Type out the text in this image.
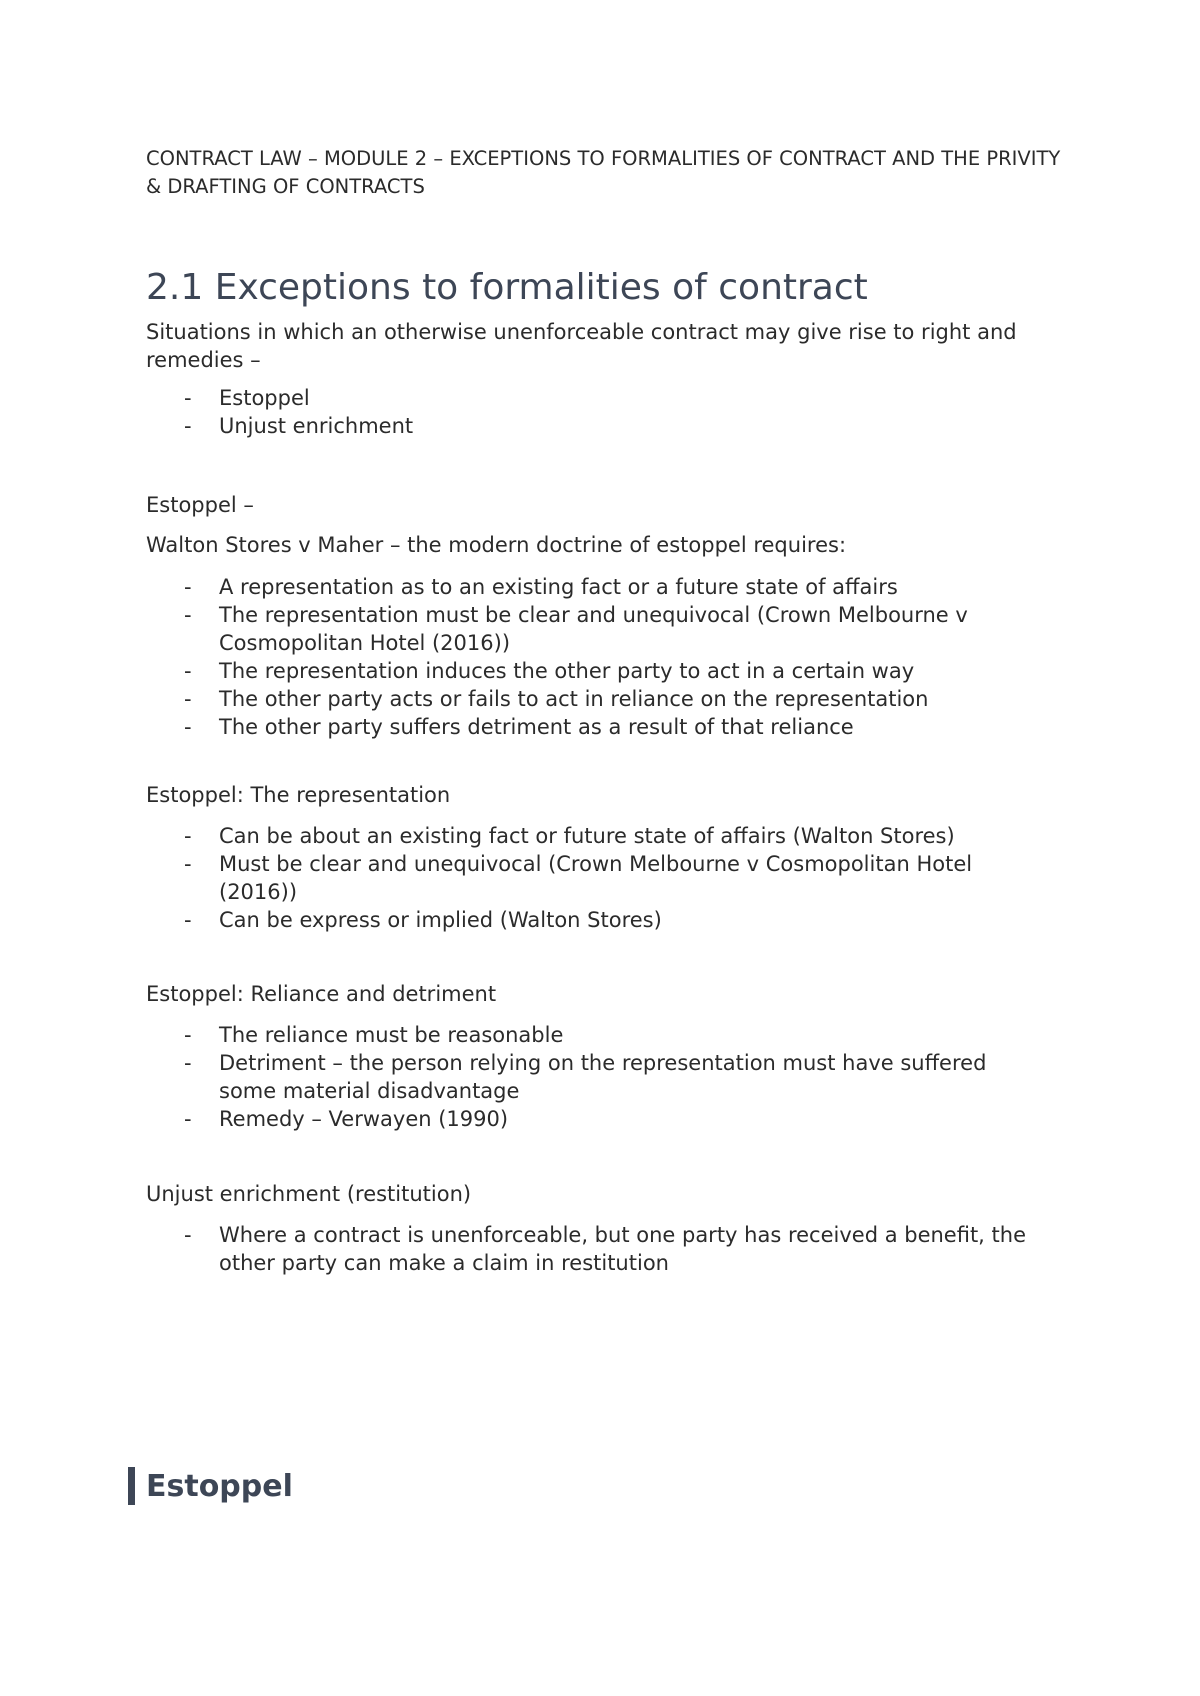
CONTRACT LAW – MODULE 2 – EXCEPTIONS TO FORMALITIES OF CONTRACT AND THE PRIVITY & DRAFTING OF CONTRACTS
2.1 Exceptions to formalities of contract
Situations in which an otherwise unenforceable contract may give rise to right and remedies –
- Estoppel
- Unjust enrichment
Estoppel –
Walton Stores v Maher – the modern doctrine of estoppel requires:
- A representation as to an existing fact or a future state of affairs
- The representation must be clear and unequivocal (Crown Melbourne v Cosmopolitan Hotel (2016))
- The representation induces the other party to act in a certain way
- The other party acts or fails to act in reliance on the representation
- The other party suffers detriment as a result of that reliance
Estoppel: The representation
- Can be about an existing fact or future state of affairs (Walton Stores)
- Must be clear and unequivocal (Crown Melbourne v Cosmopolitan Hotel (2016))
- Can be express or implied (Walton Stores)
Estoppel: Reliance and detriment
- The reliance must be reasonable
- Detriment – the person relying on the representation must have suffered some material disadvantage
- Remedy – Verwayen (1990)
Unjust enrichment (restitution)
- Where a contract is unenforceable, but one party has received a benefit, the other party can make a claim in restitution
Estoppel
